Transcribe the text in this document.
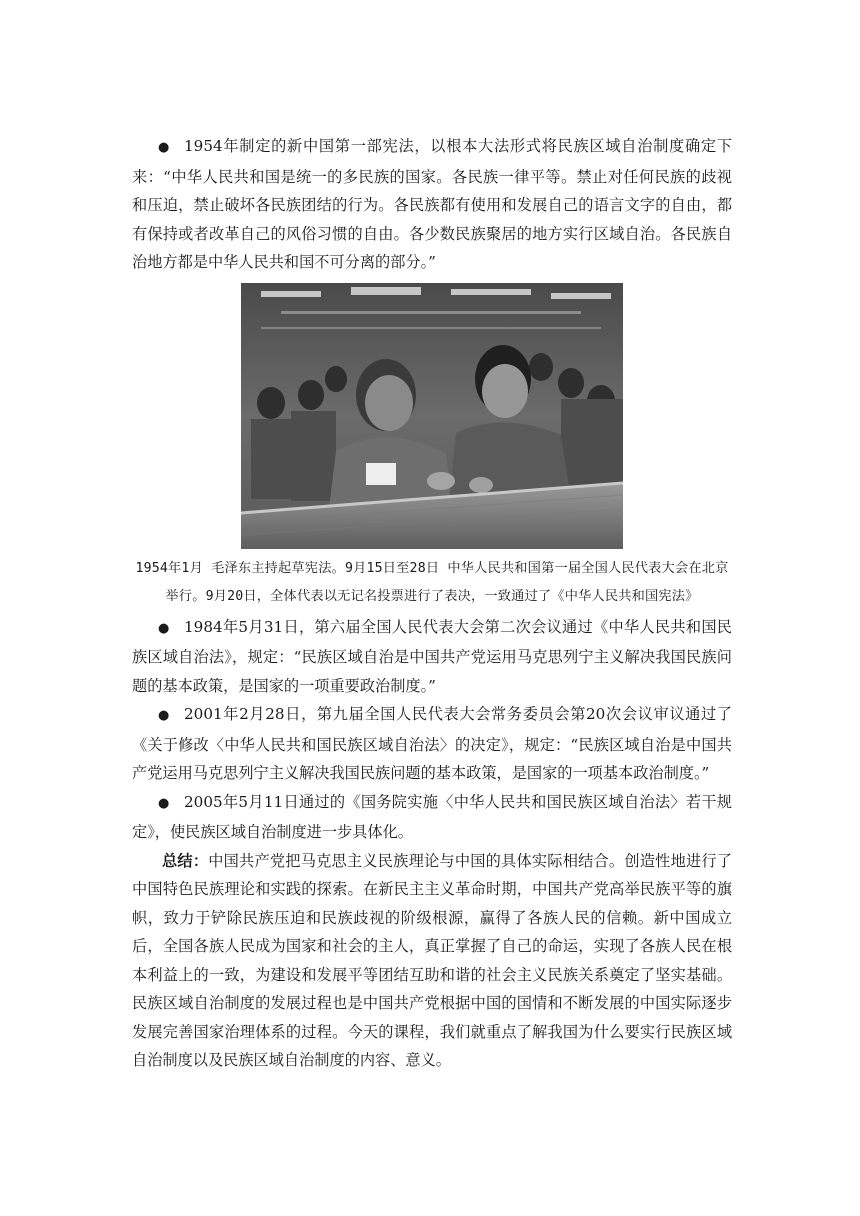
● 1954年制定的新中国第一部宪法，以根本大法形式将民族区域自治制度确定下来：“中华人民共和国是统一的多民族的国家。各民族一律平等。禁止对任何民族的歧视和压迫，禁止破坏各民族团结的行为。各民族都有使用和发展自己的语言文字的自由，都有保持或者改革自己的风俗习惯的自由。各少数民族聚居的地方实行区域自治。各民族自治地方都是中华人民共和国不可分离的部分。”

1954年1月 毛泽东主持起草宪法。9月15日至28日 中华人民共和国第一届全国人民代表大会在北京举行。9月20日，全体代表以无记名投票进行了表决，一致通过了《中华人民共和国宪法》

● 1984年5月31日，第六届全国人民代表大会第二次会议通过《中华人民共和国民族区域自治法》，规定：“民族区域自治是中国共产党运用马克思列宁主义解决我国民族问题的基本政策，是国家的一项重要政治制度。”

● 2001年2月28日，第九届全国人民代表大会常务委员会第20次会议审议通过了《关于修改〈中华人民共和国民族区域自治法〉的决定》，规定：“民族区域自治是中国共产党运用马克思列宁主义解决我国民族问题的基本政策，是国家的一项基本政治制度。”

● 2005年5月11日通过的《国务院实施〈中华人民共和国民族区域自治法〉若干规定》，使民族区域自治制度进一步具体化。

总结：中国共产党把马克思主义民族理论与中国的具体实际相结合。创造性地进行了中国特色民族理论和实践的探索。在新民主主义革命时期，中国共产党高举民族平等的旗帜，致力于铲除民族压迫和民族歧视的阶级根源，赢得了各族人民的信赖。新中国成立后，全国各族人民成为国家和社会的主人，真正掌握了自己的命运，实现了各族人民在根本利益上的一致，为建设和发展平等团结互助和谐的社会主义民族关系奠定了坚实基础。民族区域自治制度的发展过程也是中国共产党根据中国的国情和不断发展的中国实际逐步发展完善国家治理体系的过程。今天的课程，我们就重点了解我国为什么要实行民族区域自治制度以及民族区域自治制度的内容、意义。
